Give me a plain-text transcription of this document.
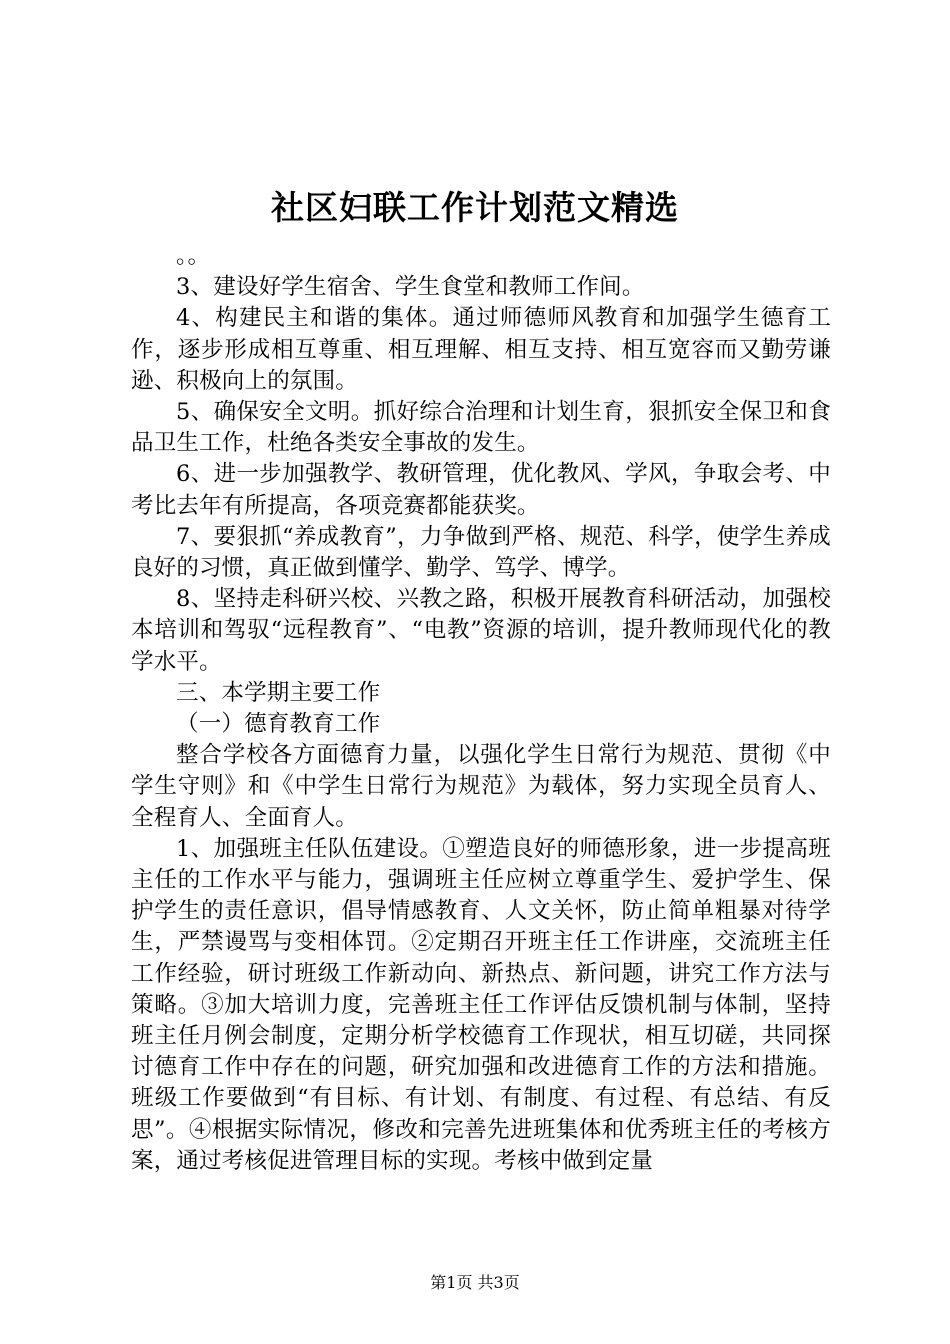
社区妇联工作计划范文精选

。。

3、建设好学生宿舍、学生食堂和教师工作间。

4、构建民主和谐的集体。通过师德师风教育和加强学生德育工作，逐步形成相互尊重、相互理解、相互支持、相互宽容而又勤劳谦逊、积极向上的氛围。

5、确保安全文明。抓好综合治理和计划生育，狠抓安全保卫和食品卫生工作，杜绝各类安全事故的发生。

6、进一步加强教学、教研管理，优化教风、学风，争取会考、中考比去年有所提高，各项竞赛都能获奖。

7、要狠抓“养成教育”，力争做到严格、规范、科学，使学生养成良好的习惯，真正做到懂学、勤学、笃学、博学。

8、坚持走科研兴校、兴教之路，积极开展教育科研活动，加强校本培训和驾驭“远程教育”、“电教”资源的培训，提升教师现代化的教学水平。

三、本学期主要工作

（一）德育教育工作

整合学校各方面德育力量，以强化学生日常行为规范、贯彻《中学生守则》和《中学生日常行为规范》为载体，努力实现全员育人、全程育人、全面育人。

1、加强班主任队伍建设。①塑造良好的师德形象，进一步提高班主任的工作水平与能力，强调班主任应树立尊重学生、爱护学生、保护学生的责任意识，倡导情感教育、人文关怀，防止简单粗暴对待学生，严禁谩骂与变相体罚。②定期召开班主任工作讲座，交流班主任工作经验，研讨班级工作新动向、新热点、新问题，讲究工作方法与策略。③加大培训力度，完善班主任工作评估反馈机制与体制，坚持班主任月例会制度，定期分析学校德育工作现状，相互切磋，共同探讨德育工作中存在的问题，研究加强和改进德育工作的方法和措施。班级工作要做到“有目标、有计划、有制度、有过程、有总结、有反思”。④根据实际情况，修改和完善先进班集体和优秀班主任的考核方案，通过考核促进管理目标的实现。考核中做到定量

第1页 共3页
